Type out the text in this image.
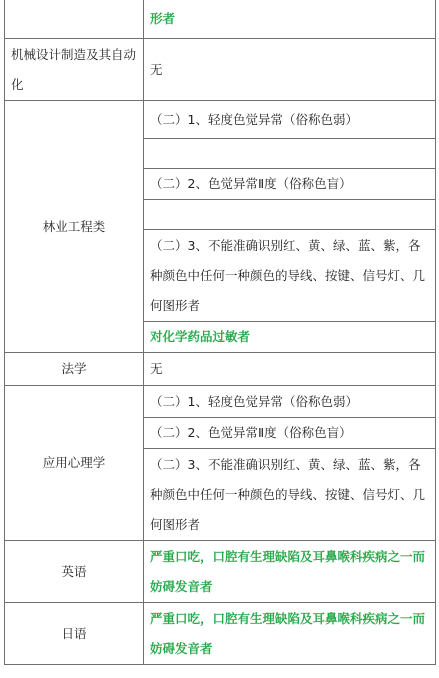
	形者
机械设计制造及其自动化	无
林业工程类	（二）1、轻度色觉异常（俗称色弱）

	（二）2、色觉异常Ⅱ度（俗称色盲）

	（二）3、不能准确识别红、黄、绿、蓝、紫，各种颜色中任何一种颜色的导线、按键、信号灯、几何图形者
	对化学药品过敏者
法学	无
应用心理学	（二）1、轻度色觉异常（俗称色弱）
	（二）2、色觉异常Ⅱ度（俗称色盲）
	（二）3、不能准确识别红、黄、绿、蓝、紫，各种颜色中任何一种颜色的导线、按键、信号灯、几何图形者
英语	严重口吃，口腔有生理缺陷及耳鼻喉科疾病之一而妨碍发音者
日语	严重口吃，口腔有生理缺陷及耳鼻喉科疾病之一而妨碍发音者
